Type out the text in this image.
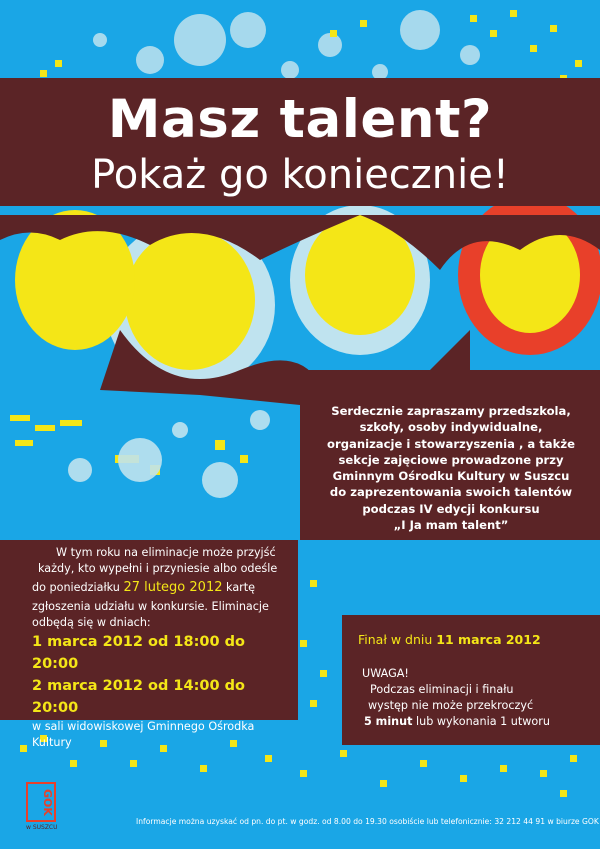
Masz talent?
Pokaż go koniecznie!
Serdecznie zapraszamy przedszkola,
szkoły, osoby indywidualne,
organizacje i stowarzyszenia , a także
sekcje zajęciowe prowadzone przy
Gminnym Ośrodku Kultury w Suszcu
do zaprezentowania swoich talentów
podczas IV edycji konkursu
„I Ja mam talent”
W tym roku na eliminacje może przyjść
każdy, kto wypełni i przyniesie albo odeśle
do poniedziałku 27 lutego 2012 kartę
zgłoszenia udziału w konkursie. Eliminacje
odbędą się w dniach:
1 marca 2012 od 18:00 do 20:00
2 marca 2012 od 14:00 do 20:00
w sali widowiskowej Gminnego Ośrodka
Kultury
Finał w dniu 11 marca 2012
UWAGA!
Podczas eliminacji i finału
występ nie może przekroczyć
5 minut lub wykonania 1 utworu
GOK
w SUSZCU
Informacje można uzyskać od pn. do pt. w godz. od 8.00 do 19.30 osobiście lub telefonicznie: 32 212 44 91 w biurze GOK
